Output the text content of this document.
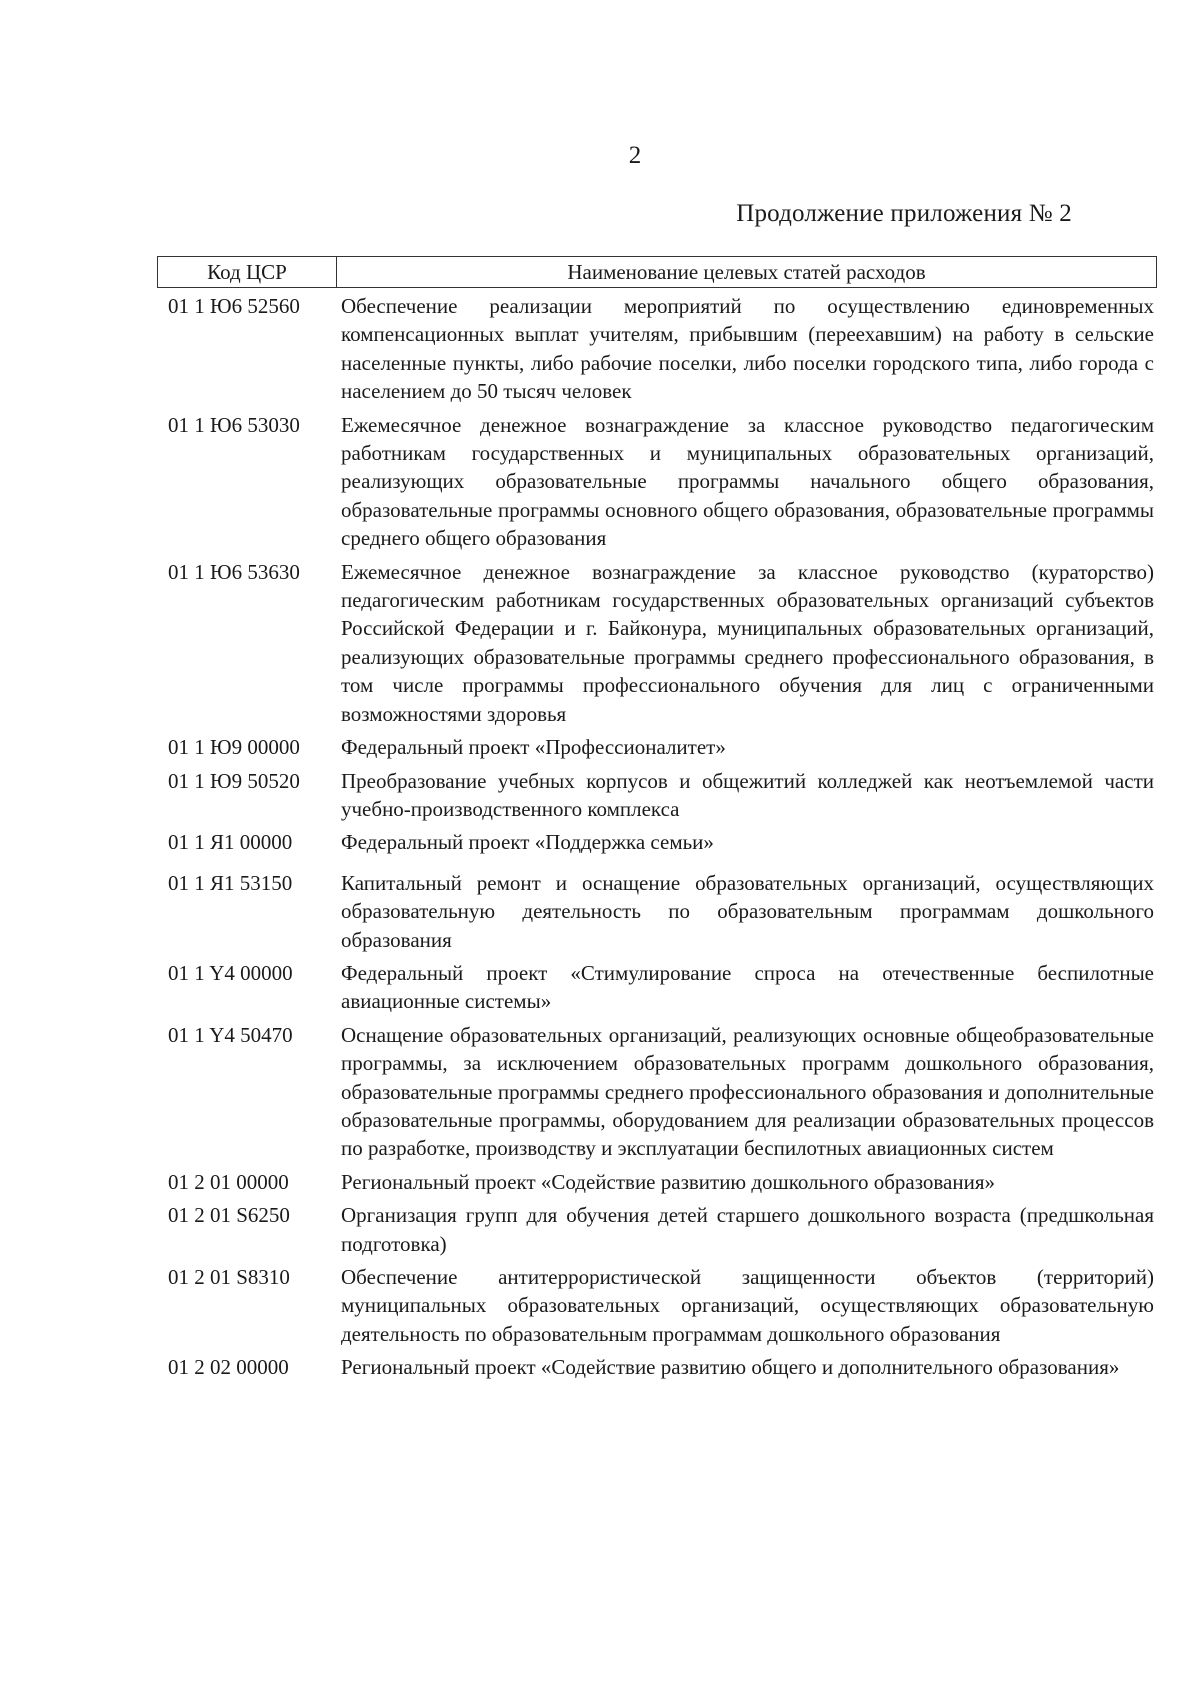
2
Продолжение приложения № 2
Код ЦСР	Наименование целевых статей расходов
01 1 Ю6 52560	Обеспечение реализации мероприятий по осуществлению единовременных компенсационных выплат учителям, прибывшим (переехавшим) на работу в сельские населенные пункты, либо рабочие поселки, либо поселки городского типа, либо города с населением до 50 тысяч человек
01 1 Ю6 53030	Ежемесячное денежное вознаграждение за классное руководство педагогическим работникам государственных и муниципальных образовательных организаций, реализующих образовательные программы начального общего образования, образовательные программы основного общего образования, образовательные программы среднего общего образования
01 1 Ю6 53630	Ежемесячное денежное вознаграждение за классное руководство (кураторство) педагогическим работникам государственных образовательных организаций субъектов Российской Федерации и г. Байконура, муниципальных образовательных организаций, реализующих образовательные программы среднего профессионального образования, в том числе программы профессионального обучения для лиц с ограниченными возможностями здоровья
01 1 Ю9 00000	Федеральный проект «Профессионалитет»
01 1 Ю9 50520	Преобразование учебных корпусов и общежитий колледжей как неотъемлемой части учебно-производственного комплекса
01 1 Я1 00000	Федеральный проект «Поддержка семьи»
01 1 Я1 53150	Капитальный ремонт и оснащение образовательных организаций, осуществляющих образовательную деятельность по образовательным программам дошкольного образования
01 1 Y4 00000	Федеральный проект «Стимулирование спроса на отечественные беспилотные авиационные системы»
01 1 Y4 50470	Оснащение образовательных организаций, реализующих основные общеобразовательные программы, за исключением образовательных программ дошкольного образования, образовательные программы среднего профессионального образования и дополнительные образовательные программы, оборудованием для реализации образовательных процессов по разработке, производству и эксплуатации беспилотных авиационных систем
01 2 01 00000	Региональный проект «Содействие развитию дошкольного образования»
01 2 01 S6250	Организация групп для обучения детей старшего дошкольного возраста (предшкольная подготовка)
01 2 01 S8310	Обеспечение антитеррористической защищенности объектов (территорий) муниципальных образовательных организаций, осуществляющих образовательную деятельность по образовательным программам дошкольного образования
01 2 02 00000	Региональный проект «Содействие развитию общего и дополнительного образования»
